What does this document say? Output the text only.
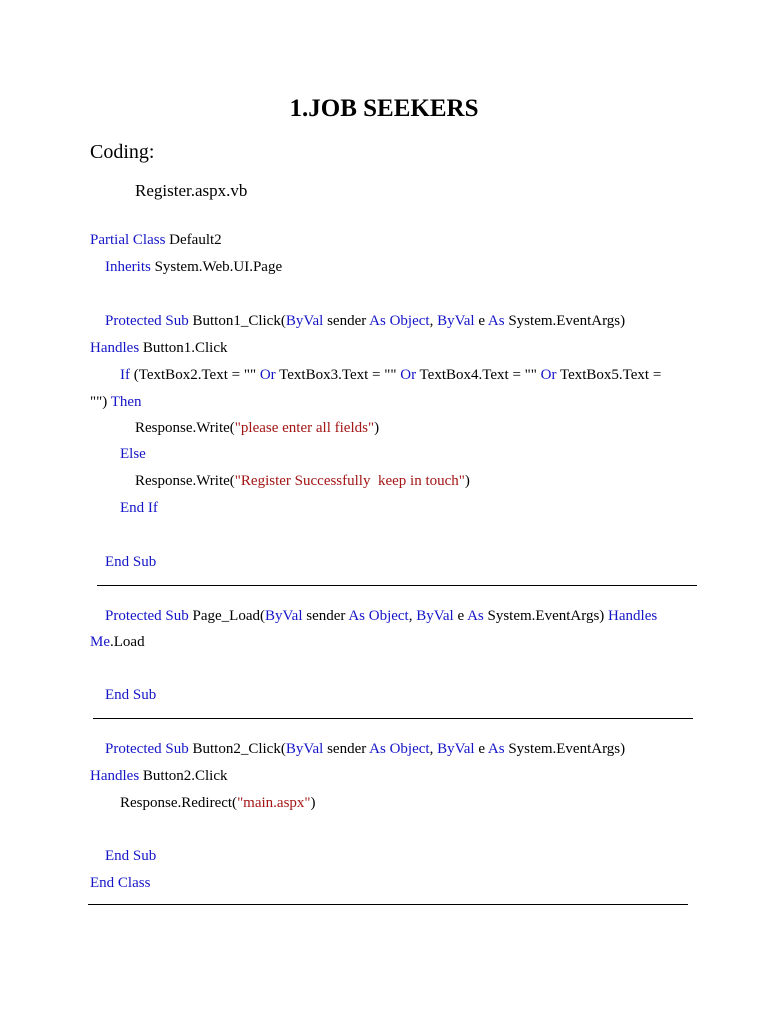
1.JOB SEEKERS
Coding:
Register.aspx.vb
Partial Class Default2
Inherits System.Web.UI.Page
Protected Sub Button1_Click(ByVal sender As Object, ByVal e As System.EventArgs)
Handles Button1.Click
If (TextBox2.Text = "" Or TextBox3.Text = "" Or TextBox4.Text = "" Or TextBox5.Text =
"") Then
Response.Write("please enter all fields")
Else
Response.Write("Register Successfully  keep in touch")
End If
End Sub
Protected Sub Page_Load(ByVal sender As Object, ByVal e As System.EventArgs) Handles
Me.Load
End Sub
Protected Sub Button2_Click(ByVal sender As Object, ByVal e As System.EventArgs)
Handles Button2.Click
Response.Redirect("main.aspx")
End Sub
End Class
